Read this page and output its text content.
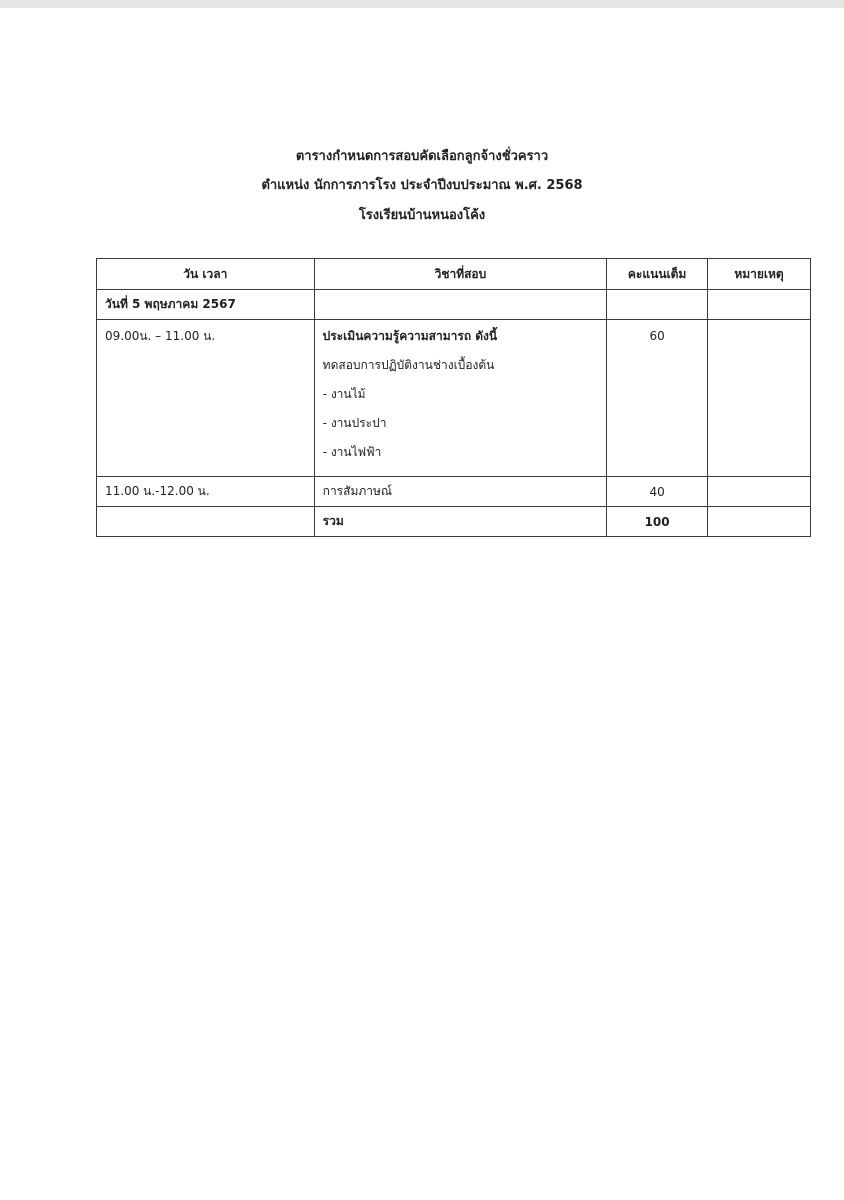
ตารางกำหนดการสอบคัดเลือกลูกจ้างชั่วคราว
ตำแหน่ง นักการภารโรง ประจำปีงบประมาณ พ.ศ. 2568
โรงเรียนบ้านหนองโค้ง
วัน เวลา	วิชาที่สอบ	คะแนนเต็ม	หมายเหตุ
วันที่ 5 พฤษภาคม 2567			

09.00น. – 11.00 น.	ประเมินความรู้ความสามารถ ดังนี้
ทดสอบการปฏิบัติงานช่างเบื้องต้น
- งานไม้
- งานประปา
- งานไฟฟ้า	60	

11.00 น.-12.00 น.	การสัมภาษณ์	40	
	รวม	100	
